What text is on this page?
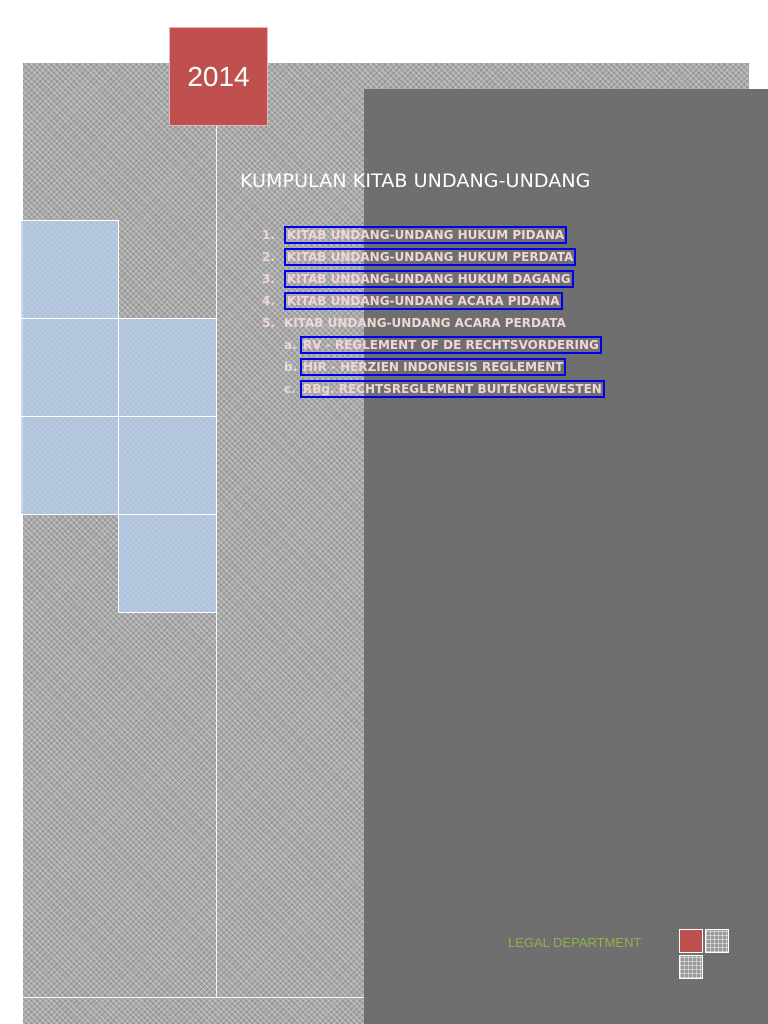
2014
KUMPULAN KITAB UNDANG-UNDANG
1. KITAB UNDANG-UNDANG HUKUM PIDANA
2. KITAB UNDANG-UNDANG HUKUM PERDATA
3. KITAB UNDANG-UNDANG HUKUM DAGANG
4. KITAB UNDANG-UNDANG ACARA PIDANA
5. KITAB UNDANG-UNDANG ACARA PERDATA
a. RV - REGLEMENT OF DE RECHTSVORDERING
b. HIR - HERZIEN INDONESIS REGLEMENT
c. RBg. RECHTSREGLEMENT BUITENGEWESTEN
LEGAL DEPARTMENT
